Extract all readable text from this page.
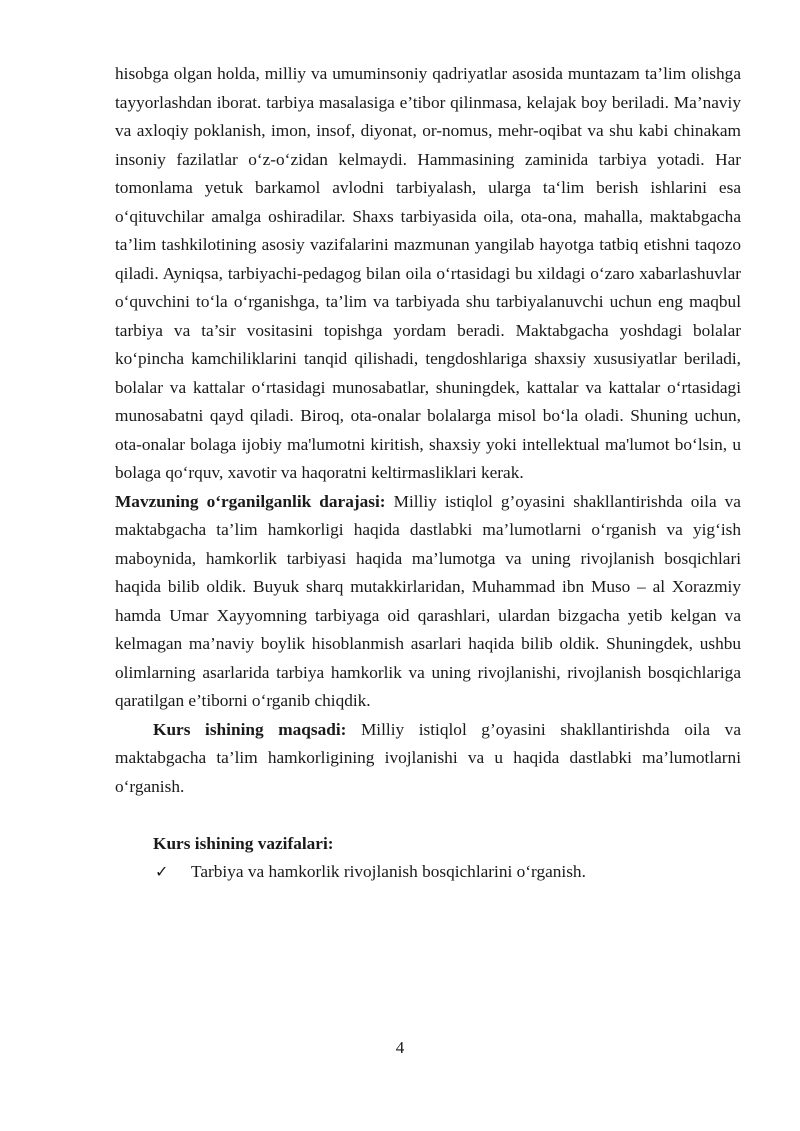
hisobga olgan holda, milliy va umuminsoniy qadriyatlar asosida muntazam ta’lim olishga tayyorlashdan iborat. tarbiya masalasiga e’tibor qilinmasa, kelajak boy beriladi. Ma’naviy va axloqiy poklanish, imon, insof, diyonat, or-nomus, mehr-oqibat va shu kabi chinakam insoniy fazilatlar o‘z-o‘zidan kelmaydi. Hammasining zaminida tarbiya yotadi. Har tomonlama yetuk barkamol avlodni tarbiyalash, ularga ta‘lim berish ishlarini esa o‘qituvchilar amalga oshiradilar. Shaxs tarbiyasida oila, ota-ona, mahalla, maktabgacha ta’lim tashkilotining asosiy vazifalarini mazmunan yangilab hayotga tatbiq etishni taqozo qiladi. Ayniqsa, tarbiyachi-pedagog bilan oila o‘rtasidagi bu xildagi o‘zaro xabarlashuvlar o‘quvchini to‘la o‘rganishga, ta’lim va tarbiyada shu tarbiyalanuvchi uchun eng maqbul tarbiya va ta’sir vositasini topishga yordam beradi. Maktabgacha yoshdagi bolalar ko‘pincha kamchiliklarini tanqid qilishadi, tengdoshlariga shaxsiy xususiyatlar beriladi, bolalar va kattalar o‘rtasidagi munosabatlar, shuningdek, kattalar va kattalar o‘rtasidagi munosabatni qayd qiladi. Biroq, ota-onalar bolalarga misol bo‘la oladi. Shuning uchun, ota-onalar bolaga ijobiy ma'lumotni kiritish, shaxsiy yoki intellektual ma'lumot bo‘lsin, u bolaga qo‘rquv, xavotir va haqoratni keltirmasliklari kerak.

Mavzuning o‘rganilganlik darajasi: Milliy istiqlol g’oyasini shakllantirishda oila va maktabgacha ta’lim hamkorligi haqida dastlabki ma’lumotlarni o‘rganish va yig‘ish maboynida, hamkorlik tarbiyasi haqida ma’lumotga va uning rivojlanish bosqichlari haqida bilib oldik. Buyuk sharq mutakkirlaridan, Muhammad ibn Muso – al Xorazmiy hamda Umar Xayyomning tarbiyaga oid qarashlari, ulardan bizgacha yetib kelgan va kelmagan ma’naviy boylik hisoblanmish asarlari haqida bilib oldik. Shuningdek, ushbu olimlarning asarlarida tarbiya hamkorlik va uning rivojlanishi, rivojlanish bosqichlariga qaratilgan e’tiborni o‘rganib chiqdik.

Kurs ishining maqsadi: Milliy istiqlol g’oyasini shakllantirishda oila va maktabgacha ta’lim hamkorligining ivojlanishi va u haqida dastlabki ma’lumotlarni o‘rganish.

Kurs ishining vazifalari:
✓	Tarbiya va hamkorlik rivojlanish bosqichlarini o‘rganish.
4
